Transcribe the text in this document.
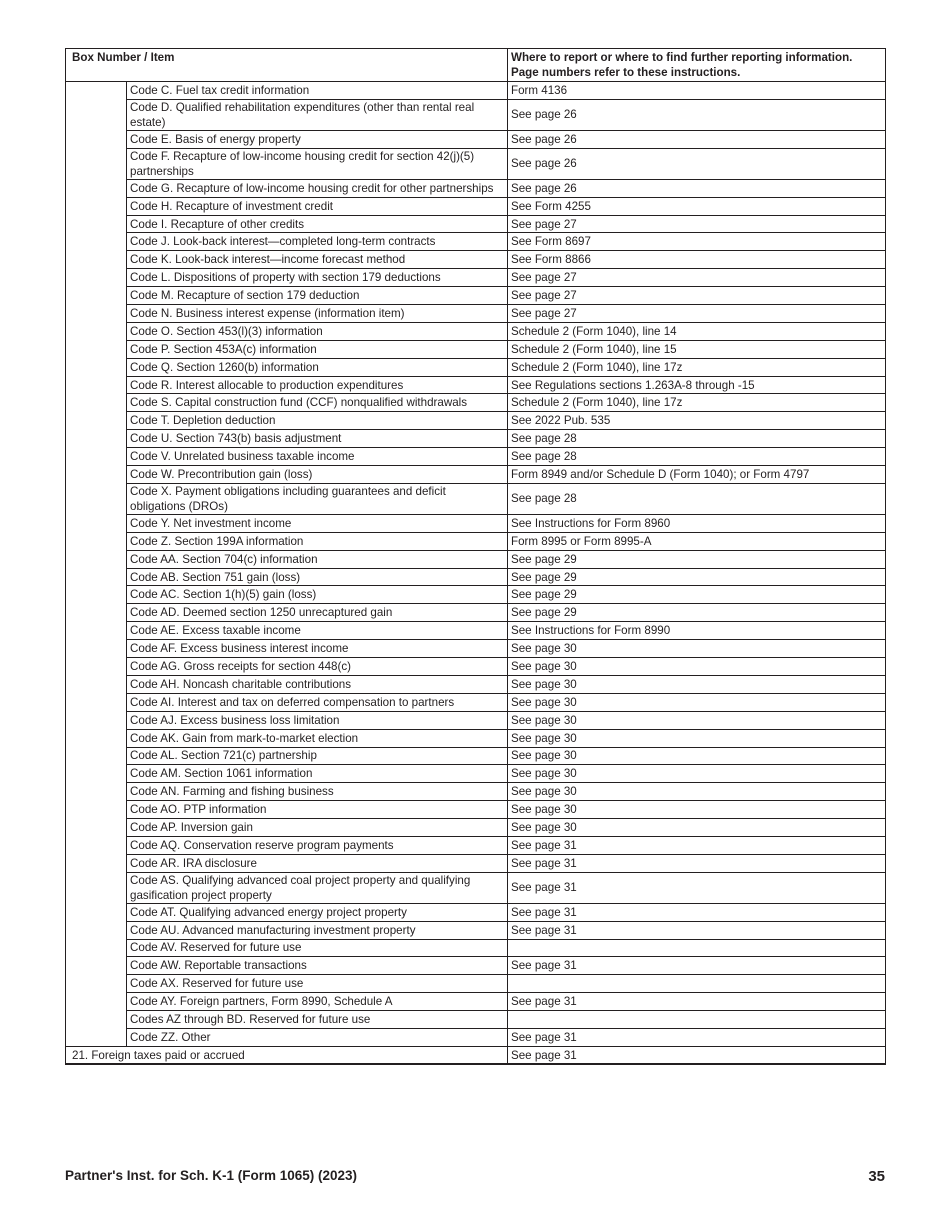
Box Number / Item		Where to report or where to find further reporting information.
Page numbers refer to these instructions.

	Code C. Fuel tax credit information	Form 4136
	Code D. Qualified rehabilitation expenditures (other than rental real estate)	See page 26
	Code E. Basis of energy property	See page 26
	Code F. Recapture of low-income housing credit for section 42(j)(5) partnerships	See page 26
	Code G. Recapture of low-income housing credit for other partnerships	See page 26
	Code H. Recapture of investment credit	See Form 4255
	Code I. Recapture of other credits	See page 27
	Code J. Look-back interest—completed long-term contracts	See Form 8697
	Code K. Look-back interest—income forecast method	See Form 8866
	Code L. Dispositions of property with section 179 deductions	See page 27
	Code M. Recapture of section 179 deduction	See page 27
	Code N. Business interest expense (information item)	See page 27
	Code O. Section 453(l)(3) information	Schedule 2 (Form 1040), line 14
	Code P. Section 453A(c) information	Schedule 2 (Form 1040), line 15
	Code Q. Section 1260(b) information	Schedule 2 (Form 1040), line 17z
	Code R. Interest allocable to production expenditures	See Regulations sections 1.263A-8 through -15
	Code S. Capital construction fund (CCF) nonqualified withdrawals	Schedule 2 (Form 1040), line 17z
	Code T. Depletion deduction	See 2022 Pub. 535
	Code U. Section 743(b) basis adjustment	See page 28
	Code V. Unrelated business taxable income	See page 28
	Code W. Precontribution gain (loss)	Form 8949 and/or Schedule D (Form 1040); or Form 4797
	Code X. Payment obligations including guarantees and deficit obligations (DROs)	See page 28
	Code Y. Net investment income	See Instructions for Form 8960
	Code Z. Section 199A information	Form 8995 or Form 8995-A
	Code AA. Section 704(c) information	See page 29
	Code AB. Section 751 gain (loss)	See page 29
	Code AC. Section 1(h)(5) gain (loss)	See page 29
	Code AD. Deemed section 1250 unrecaptured gain	See page 29
	Code AE. Excess taxable income	See Instructions for Form 8990
	Code AF. Excess business interest income	See page 30
	Code AG. Gross receipts for section 448(c)	See page 30
	Code AH. Noncash charitable contributions	See page 30
	Code AI. Interest and tax on deferred compensation to partners	See page 30
	Code AJ. Excess business loss limitation	See page 30
	Code AK. Gain from mark-to-market election	See page 30
	Code AL. Section 721(c) partnership	See page 30
	Code AM. Section 1061 information	See page 30
	Code AN. Farming and fishing business	See page 30
	Code AO. PTP information	See page 30
	Code AP. Inversion gain	See page 30
	Code AQ. Conservation reserve program payments	See page 31
	Code AR. IRA disclosure	See page 31
	Code AS. Qualifying advanced coal project property and qualifying gasification project property	See page 31
	Code AT. Qualifying advanced energy project property	See page 31
	Code AU. Advanced manufacturing investment property	See page 31
	Code AV. Reserved for future use	
	Code AW. Reportable transactions	See page 31
	Code AX. Reserved for future use	
	Code AY. Foreign partners, Form 8990, Schedule A	See page 31
	Codes AZ through BD. Reserved for future use	
	Code ZZ. Other	See page 31
21. Foreign taxes paid or accrued		See page 31
Partner's Inst. for Sch. K-1 (Form 1065) (2023)	35
